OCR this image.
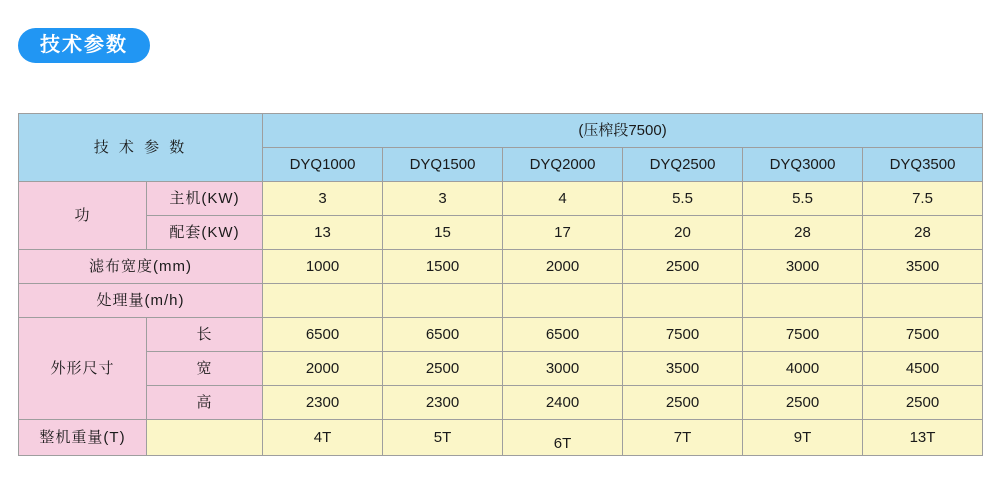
技术参数
技 术 参 数		(压榨段7500)					
		DYQ1000	DYQ1500	DYQ2000	DYQ2500	DYQ3000	DYQ3500
功	主机(KW)	3	3	4	5.5	5.5	7.5
	配套(KW)	13	15	17	20	28	28
滤布宽度(mm)		1000	1500	2000	2500	3000	3500
处理量(m/h)							
外形尺寸	长	6500	6500	6500	7500	7500	7500
	宽	2000	2500	3000	3500	4000	4500
	高	2300	2300	2400	2500	2500	2500
整机重量(T)		4T	5T	6T	7T	9T	13T
